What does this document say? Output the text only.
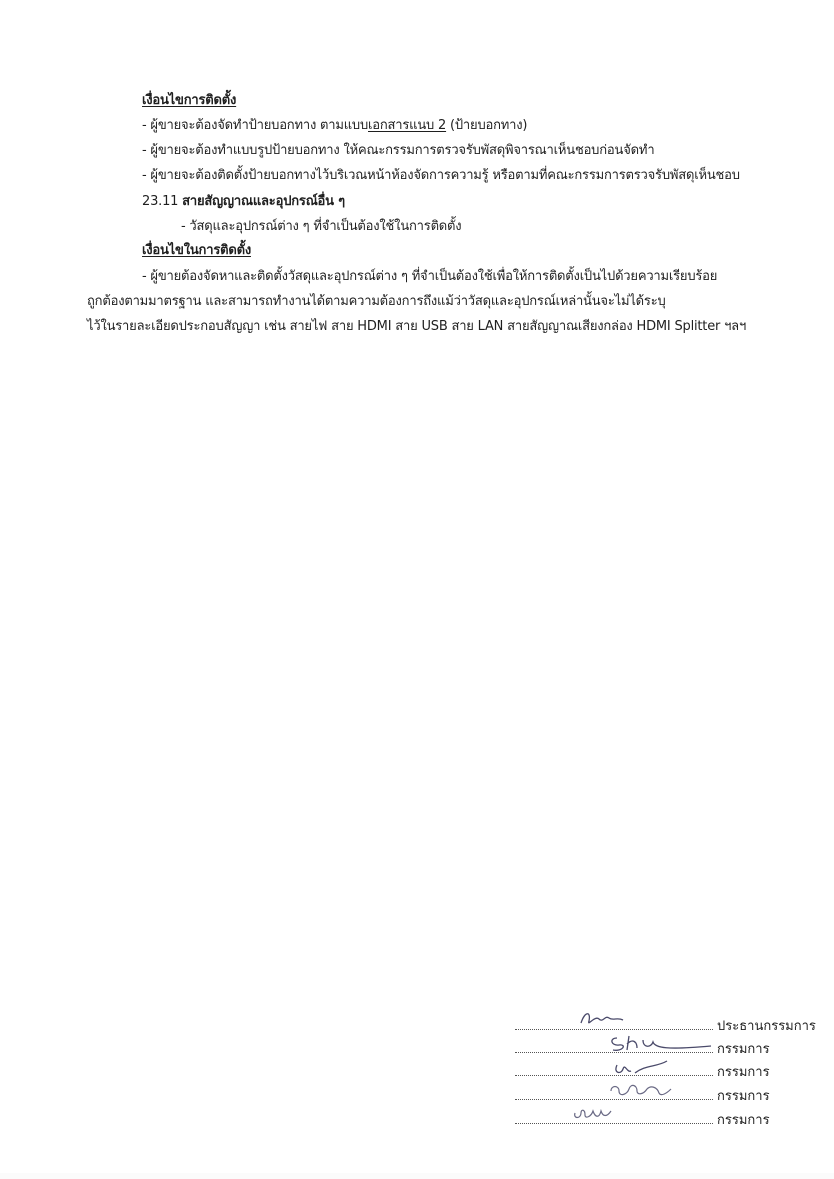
เงื่อนไขการติดตั้ง
- ผู้ขายจะต้องจัดทำป้ายบอกทาง ตามแบบเอกสารแนบ 2 (ป้ายบอกทาง)
- ผู้ขายจะต้องทำแบบรูปป้ายบอกทาง ให้คณะกรรมการตรวจรับพัสดุพิจารณาเห็นชอบก่อนจัดทำ
- ผู้ขายจะต้องติดตั้งป้ายบอกทางไว้บริเวณหน้าห้องจัดการความรู้ หรือตามที่คณะกรรมการตรวจรับพัสดุเห็นชอบ
23.11 สายสัญญาณและอุปกรณ์อื่น ๆ
- วัสดุและอุปกรณ์ต่าง ๆ ที่จำเป็นต้องใช้ในการติดตั้ง
เงื่อนไขในการติดตั้ง
- ผู้ขายต้องจัดหาและติดตั้งวัสดุและอุปกรณ์ต่าง ๆ ที่จำเป็นต้องใช้เพื่อให้การติดตั้งเป็นไปด้วยความเรียบร้อย
ถูกต้องตามมาตรฐาน และสามารถทำงานได้ตามความต้องการถึงแม้ว่าวัสดุและอุปกรณ์เหล่านั้นจะไม่ได้ระบุ
ไว้ในรายละเอียดประกอบสัญญา เช่น สายไฟ สาย HDMI สาย USB สาย LAN สายสัญญาณเสียงกล่อง HDMI Splitter ฯลฯ
ประธานกรรมการ
กรรมการ
กรรมการ
กรรมการ
กรรมการ
